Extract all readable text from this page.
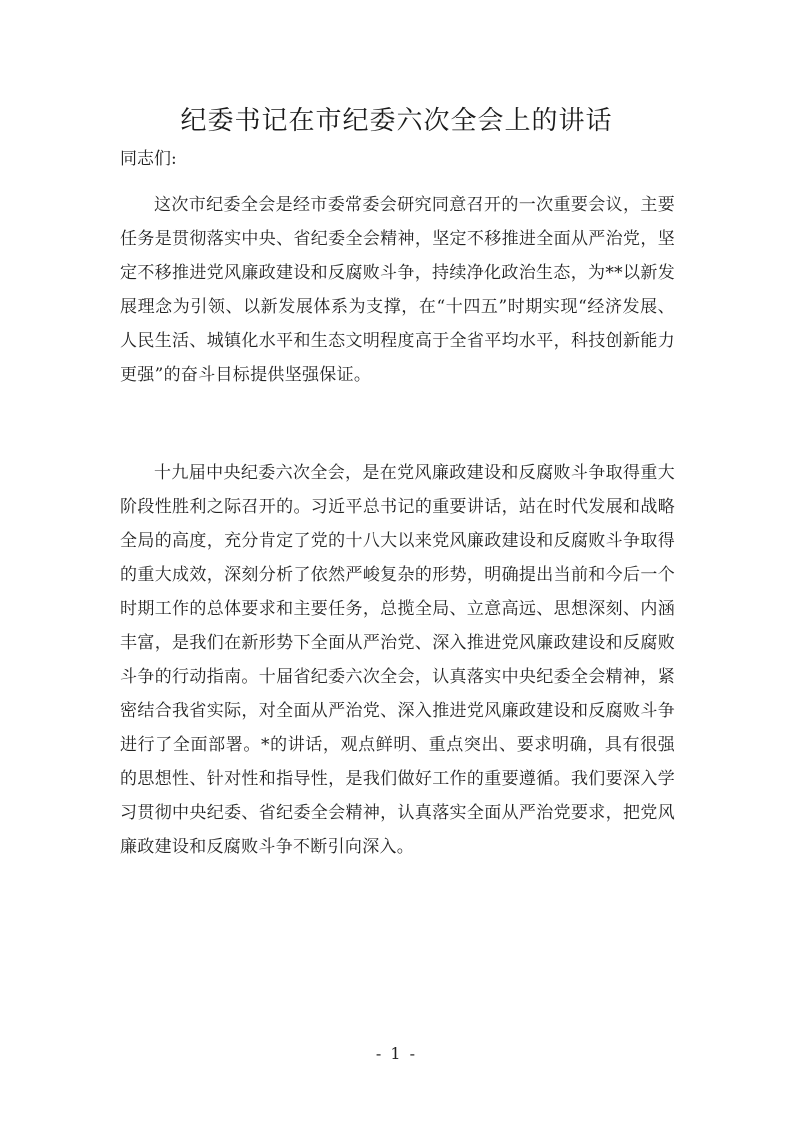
纪委书记在市纪委六次全会上的讲话

同志们:

这次市纪委全会是经市委常委会研究同意召开的一次重要会议，主要任务是贯彻落实中央、省纪委全会精神，坚定不移推进全面从严治党，坚定不移推进党风廉政建设和反腐败斗争，持续净化政治生态，为**以新发展理念为引领、以新发展体系为支撑，在“十四五”时期实现“经济发展、人民生活、城镇化水平和生态文明程度高于全省平均水平，科技创新能力更强”的奋斗目标提供坚强保证。

十九届中央纪委六次全会，是在党风廉政建设和反腐败斗争取得重大阶段性胜利之际召开的。习近平总书记的重要讲话，站在时代发展和战略全局的高度，充分肯定了党的十八大以来党风廉政建设和反腐败斗争取得的重大成效，深刻分析了依然严峻复杂的形势，明确提出当前和今后一个时期工作的总体要求和主要任务，总揽全局、立意高远、思想深刻、内涵丰富，是我们在新形势下全面从严治党、深入推进党风廉政建设和反腐败斗争的行动指南。十届省纪委六次全会，认真落实中央纪委全会精神，紧密结合我省实际，对全面从严治党、深入推进党风廉政建设和反腐败斗争进行了全面部署。*的讲话，观点鲜明、重点突出、要求明确，具有很强的思想性、针对性和指导性，是我们做好工作的重要遵循。我们要深入学习贯彻中央纪委、省纪委全会精神，认真落实全面从严治党要求，把党风廉政建设和反腐败斗争不断引向深入。

- 1 -
